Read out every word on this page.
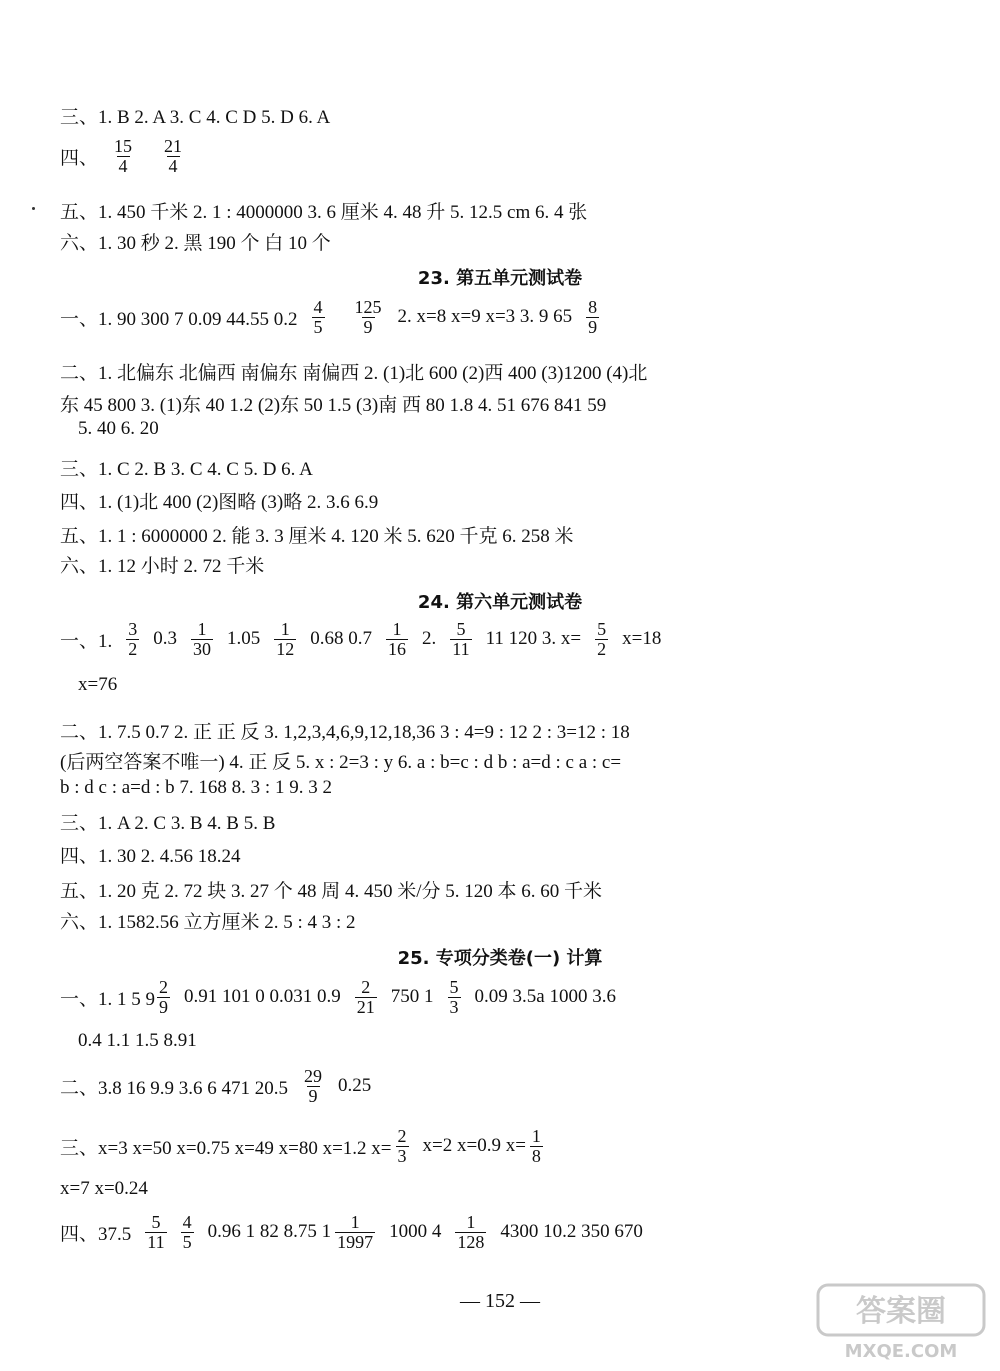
三、1. B 2. A 3. C 4. C D 5. D 6. A
四、 $\frac{15}{4} \frac{21}{4}$
五、1. 450 千米 2. 1 : 4000000 3. 6 厘米 4. 48 升 5. 12.5 cm 6. 4 张
六、1. 30 秒 2. 黑 190 个 白 10 个
23. 第五单元测试卷
一、1. 90 300 7 0.09 44.55 $0.2 \frac{4}{5} \frac{125}{9} 2$. x=8 x=9 x=3 3. 9 $65 \frac{8}{9}$
二、1. 北偏东 北偏西 南偏东 南偏西 2. (1)北 600 (2)西 400 (3)1200 (4)北
东 45 800 3. (1)东 40 1.2 (2)东 50 1.5 (3)南 西 80 1.8 4. 51 676 841 59
5. 40 6. 20
三、1. C 2. B 3. C 4. C 5. D 6. A
四、1. (1)北 400 (2)图略 (3)略 2. 3.6 6.9
五、1. 1 : 6000000 2. 能 3. 3 厘米 4. 120 米 5. 620 千克 6. 258 米
六、1. 12 小时 2. 72 千米
24. 第六单元测试卷
一、1. $\frac{3}{2} 0.3 \frac{1}{30} 1.05 \frac{1}{12} 0.68$ $0.7 \frac{1}{16} 2$. $\frac{5}{11} 11$ 120 3. $x= \frac{5}{2} x=18$
x=76
二、1. 7.5 0.7 2. 正 正 反 3. 1,2,3,4,6,9,12,18,36 3 : 4=9 : 12 2 : 3=12 : 18
(后两空答案不唯一) 4. 正 反 5. x : 2=3 : y 6. a : b=c : d b : a=d : c a : c=
b : d c : a=d : b 7. 168 8. 3 : 1 9. 3 2
三、1. A 2. C 3. B 4. B 5. B
四、1. 30 2. 4.56 18.24
五、1. 20 克 2. 72 块 3. 27 个 48 周 4. 450 米/分 5. 120 本 6. 60 千米
六、1. 1582.56 立方厘米 2. 5 : 4 3 : 2
25. 专项分类卷(一) 计算
一、1. 1 5 $9 \frac{2}{9} 0.91$ 101 0 0.031 $0.9 \frac{2}{21} 750$ $1 \frac{5}{3} 0.09$ 3.5a 1000 3.6
0.4 1.1 1.5 8.91
二、3.8 16 9.9 3.6 6 471 $20.5 \frac{29}{9} 0.25$
三、x=3 x=50 x=0.75 x=49 x=80 x=1.2 $x= \frac{2}{3} x=2$ x=0.9 $x= \frac{1}{8}$
x=7 x=0.24
四、$37.5 \frac{5}{11} \frac{4}{5} 0.96$ 1 82 8.75 $1 \frac{1}{1997} 1000$ $4 \frac{1}{128} 4300$ 10.2 350 670
— 152 —	答案圈
MXQE.COM
